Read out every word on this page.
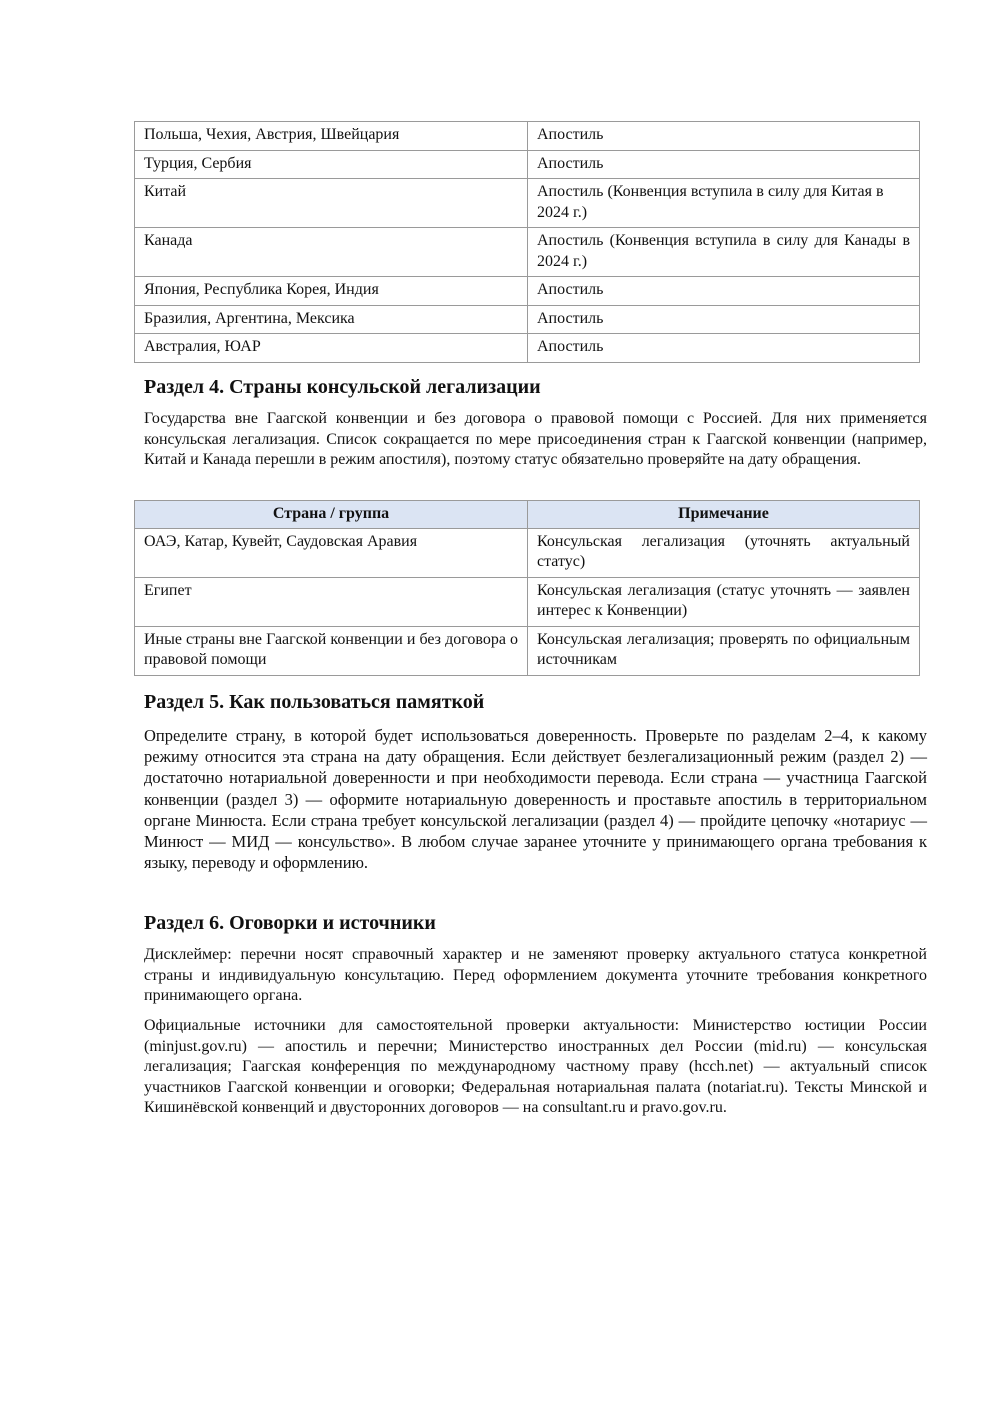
Польша, Чехия, Австрия, Швейцария	Апостиль
Турция, Сербия	Апостиль
Китай	Апостиль (Конвенция вступила в силу для Китая в 2024 г.)
Канада	Апостиль (Конвенция вступила в силу для Канады в 2024 г.)
Япония, Республика Корея, Индия	Апостиль
Бразилия, Аргентина, Мексика	Апостиль
Австралия, ЮАР	Апостиль
Раздел 4. Страны консульской легализации

Государства вне Гаагской конвенции и без договора о правовой помощи с Россией. Для них применяется консульская легализация. Список сокращается по мере присоединения стран к Гаагской конвенции (например, Китай и Канада перешли в режим апостиля), поэтому статус обязательно проверяйте на дату обращения.

Страна / группа	Примечание
ОАЭ, Катар, Кувейт, Саудовская Аравия	Консульская легализация (уточнять актуальный статус)
Египет	Консульская легализация (статус уточнять — заявлен интерес к Конвенции)
Иные страны вне Гаагской конвенции и без договора о правовой помощи	Консульская легализация; проверять по официальным источникам
Раздел 5. Как пользоваться памяткой

Определите страну, в которой будет использоваться доверенность. Проверьте по разделам 2–4, к какому режиму относится эта страна на дату обращения. Если действует безлегализационный режим (раздел 2) — достаточно нотариальной доверенности и при необходимости перевода. Если страна — участница Гаагской конвенции (раздел 3) — оформите нотариальную доверенность и проставьте апостиль в территориальном органе Минюста. Если страна требует консульской легализации (раздел 4) — пройдите цепочку «нотариус — Минюст — МИД — консульство». В любом случае заранее уточните у принимающего органа требования к языку, переводу и оформлению.

Раздел 6. Оговорки и источники

Дисклеймер: перечни носят справочный характер и не заменяют проверку актуального статуса конкретной страны и индивидуальную консультацию. Перед оформлением документа уточните требования конкретного принимающего органа.

Официальные источники для самостоятельной проверки актуальности: Министерство юстиции России (minjust.gov.ru) — апостиль и перечни; Министерство иностранных дел России (mid.ru) — консульская легализация; Гаагская конференция по международному частному праву (hcch.net) — актуальный список участников Гаагской конвенции и оговорки; Федеральная нотариальная палата (notariat.ru). Тексты Минской и Кишинёвской конвенций и двусторонних договоров — на consultant.ru и pravo.gov.ru.
